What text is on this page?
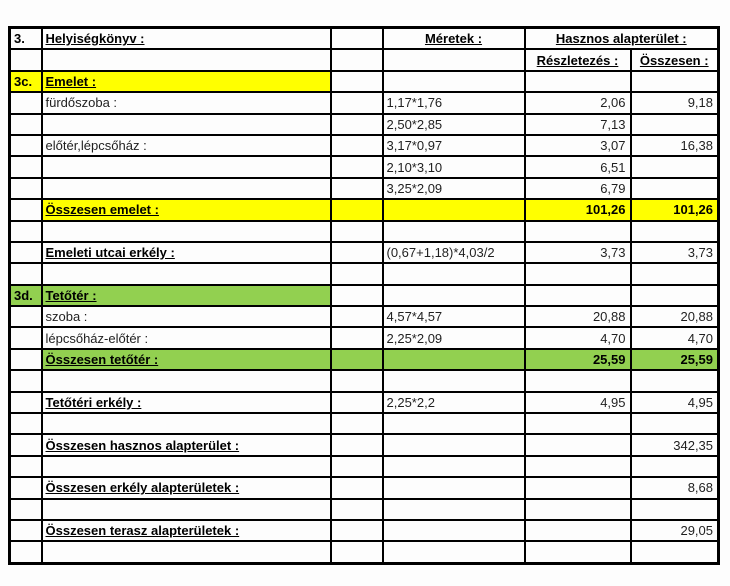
3.	Helyiségkönyv :		Méretek :	Hasznos alapterület :	
				Részletezés :	Összesen :
3c.	Emelet :				
	fürdőszoba :		1,17*1,76	2,06	9,18
			2,50*2,85	7,13	
	előtér,lépcsőház :		3,17*0,97	3,07	16,38
			2,10*3,10	6,51	
			3,25*2,09	6,79	
	Összesen emelet :			101,26	101,26

	Emeleti utcai erkély :		(0,67+1,18)*4,03/2	3,73	3,73

3d.	Tetőtér :				
	szoba :		4,57*4,57	20,88	20,88
	lépcsőház-előtér :		2,25*2,09	4,70	4,70
	Összesen tetőtér :			25,59	25,59

	Tetőtéri erkély :		2,25*2,2	4,95	4,95

	Összesen hasznos alapterület :				342,35

	Összesen erkély alapterületek :				8,68

	Összesen terasz alapterületek :				29,05
